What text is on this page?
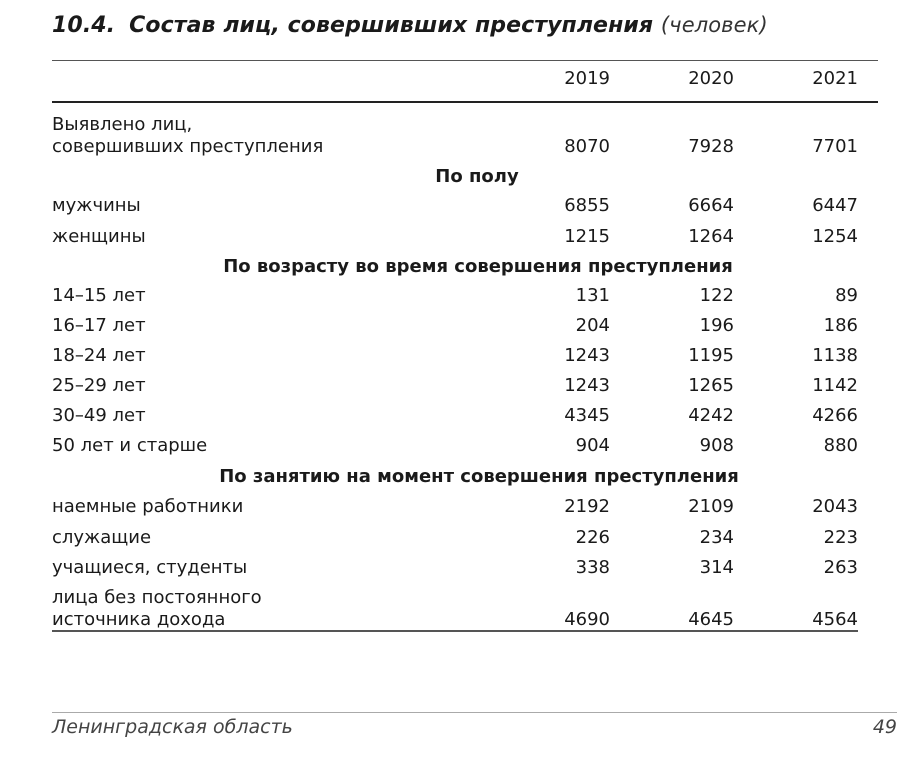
10.4. Состав лиц, совершивших преступления (человек)
2019	2020	2021
Выявлено лиц,
совершивших преступления	8070	7928	7701
По полу
мужчины	6855	6664	6447
женщины	1215	1264	1254
По возрасту во время совершения преступления
14–15 лет	131	122	89
16–17 лет	204	196	186
18–24 лет	1243	1195	1138
25–29 лет	1243	1265	1142
30–49 лет	4345	4242	4266
50 лет и старше	904	908	880
По занятию на момент совершения преступления
наемные работники	2192	2109	2043
служащие	226	234	223
учащиеся, студенты	338	314	263
лица без постоянного
источника дохода	4690	4645	4564
Ленинградская область	49
